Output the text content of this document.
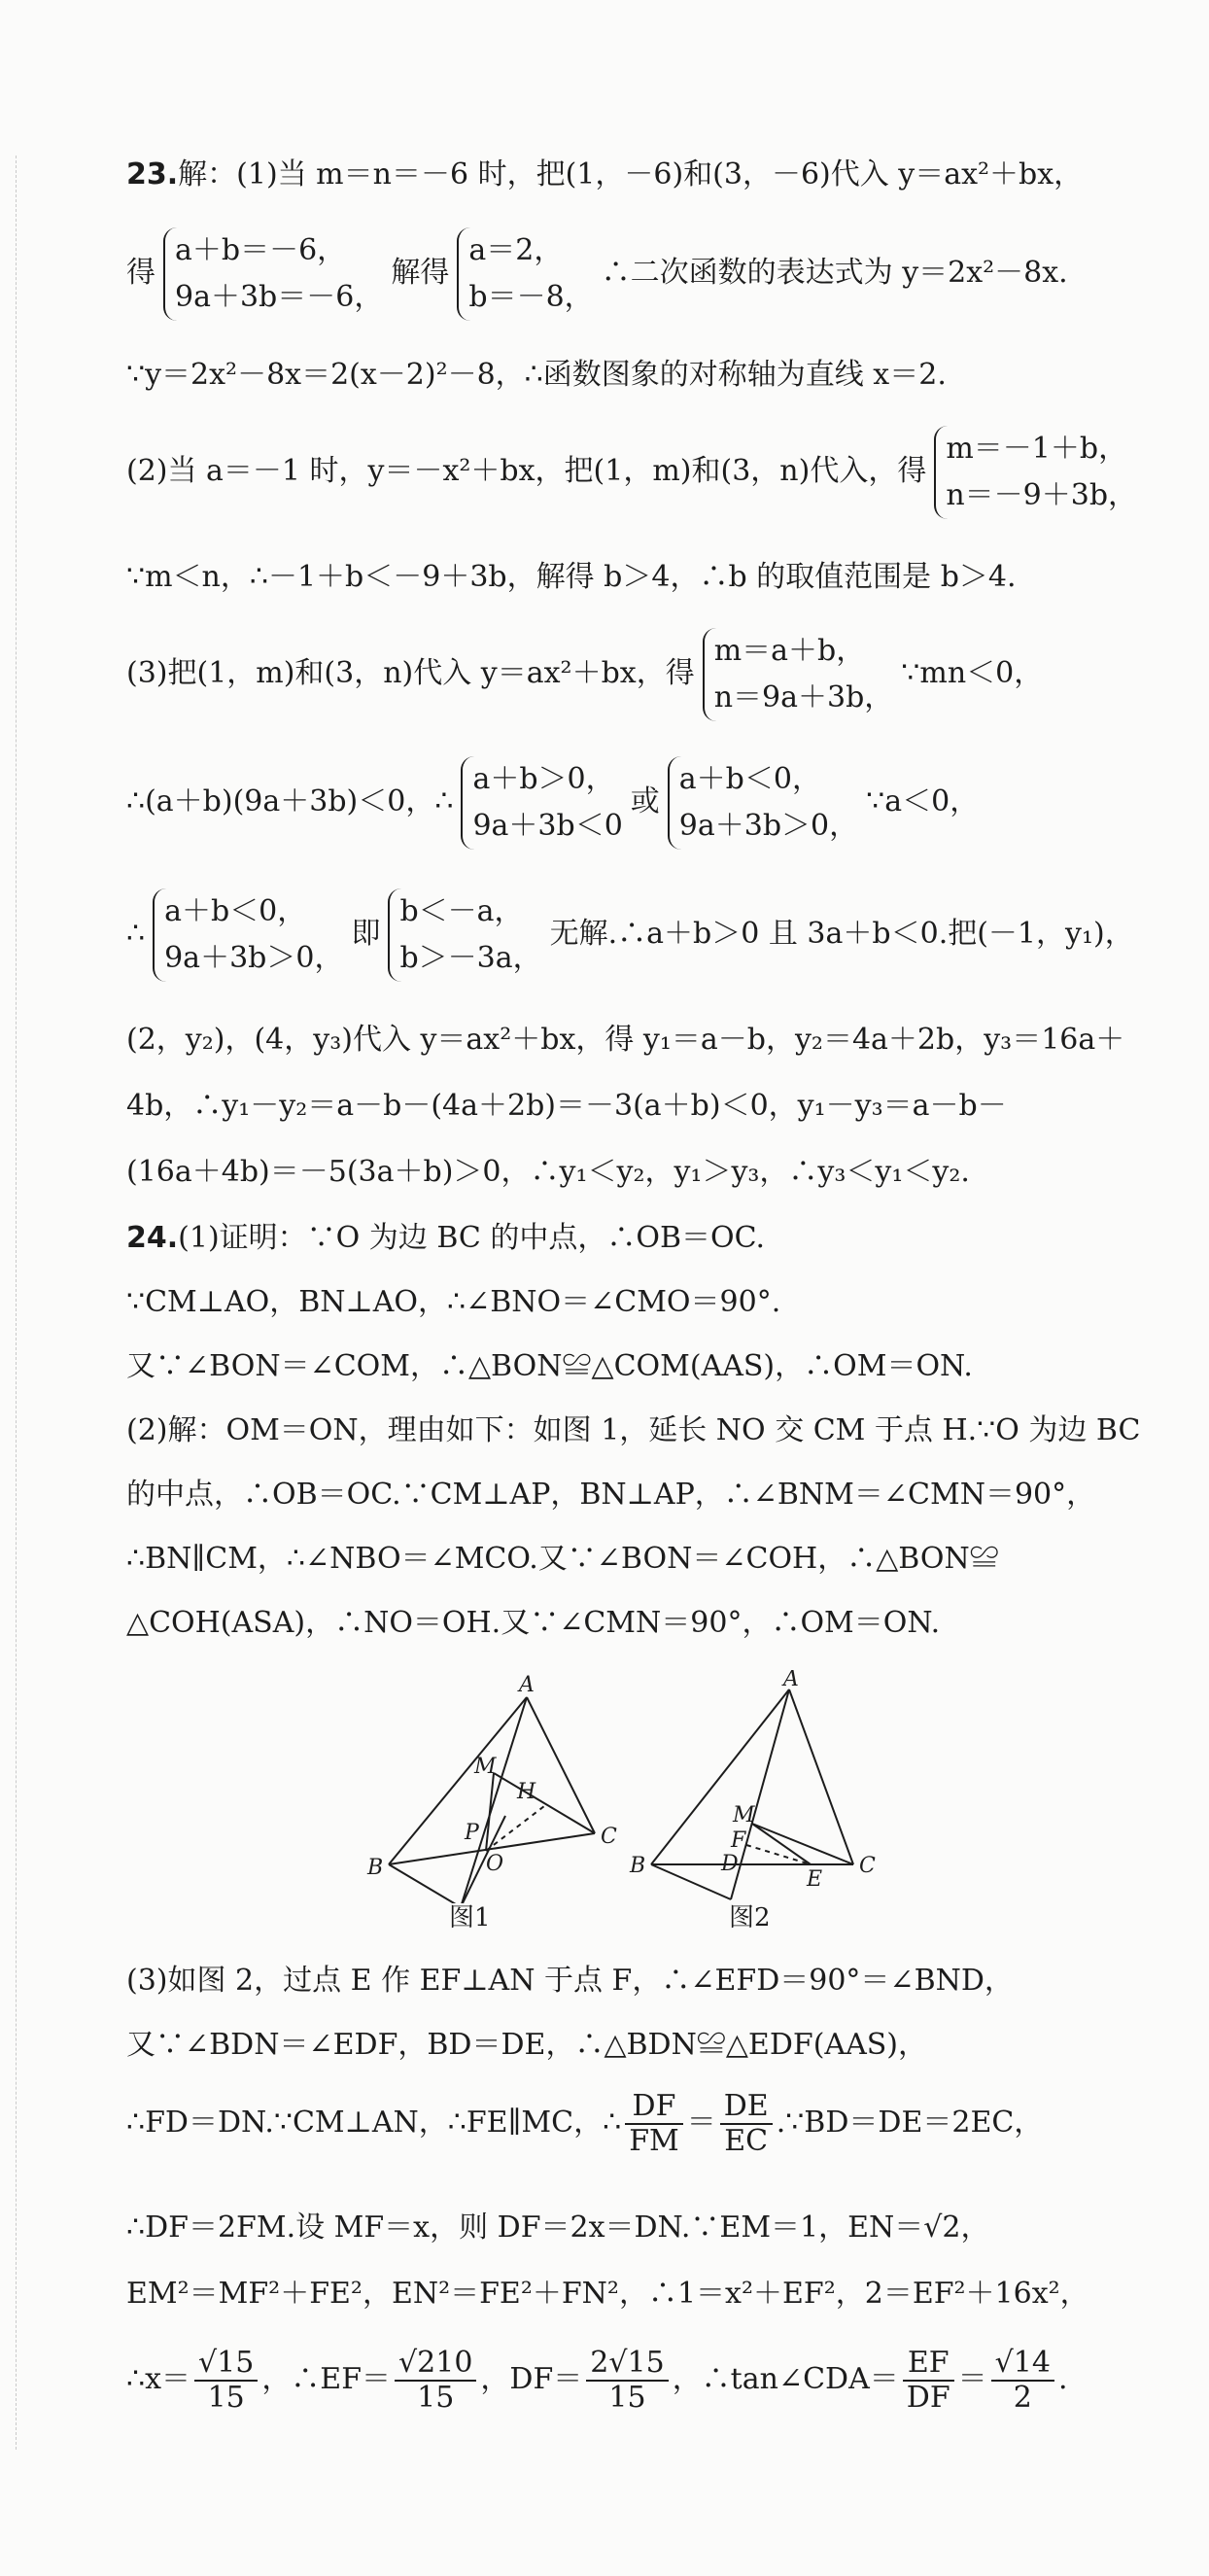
23.解：(1)当 m＝n＝－6 时，把(1，－6)和(3，－6)代入 y＝ax²＋bx，
得
a＋b＝－6，
9a＋3b＝－6，
解得
a＝2，
b＝－8，
∴二次函数的表达式为 y＝2x²－8x.
∵y＝2x²－8x＝2(x－2)²－8，∴函数图象的对称轴为直线 x＝2.
(2)当 a＝－1 时，y＝－x²＋bx，把(1，m)和(3，n)代入，得
m＝－1＋b，
n＝－9＋3b，
∵m＜n，∴－1＋b＜－9＋3b，解得 b＞4，∴b 的取值范围是 b＞4.
(3)把(1，m)和(3，n)代入 y＝ax²＋bx，得
m＝a＋b，
n＝9a＋3b，
∵mn＜0，
∴(a＋b)(9a＋3b)＜0，∴
a＋b＞0，
9a＋3b＜0
或
a＋b＜0，
9a＋3b＞0，
∵a＜0，
∴
a＋b＜0，
9a＋3b＞0，
即
b＜－a，
b＞－3a，
无解.∴a＋b＞0 且 3a＋b＜0.把(－1，y₁)，
(2，y₂)，(4，y₃)代入 y＝ax²＋bx，得 y₁＝a－b，y₂＝4a＋2b，y₃＝16a＋
4b，∴y₁－y₂＝a－b－(4a＋2b)＝－3(a＋b)＜0，y₁－y₃＝a－b－
(16a＋4b)＝－5(3a＋b)＞0，∴y₁＜y₂，y₁＞y₃，∴y₃＜y₁＜y₂.
24.(1)证明：∵O 为边 BC 的中点，∴OB＝OC.
∵CM⊥AO，BN⊥AO，∴∠BNO＝∠CMO＝90°.
又∵∠BON＝∠COM，∴△BON≌△COM(AAS)，∴OM＝ON.
(2)解：OM＝ON，理由如下：如图 1，延长 NO 交 CM 于点 H.∵O 为边 BC
的中点，∴OB＝OC.∵CM⊥AP，BN⊥AP，∴∠BNM＝∠CMN＝90°，
∴BN∥CM，∴∠NBO＝∠MCO.又∵∠BON＝∠COH，∴△BON≌
△COH(ASA)，∴NO＝OH.又∵∠CMN＝90°，∴OM＝ON.
A
B
C
M
H
P
O
A
B	C
M
F
D
E
图1	图2
(3)如图 2，过点 E 作 EF⊥AN 于点 F，∴∠EFD＝90°＝∠BND，
又∵∠BDN＝∠EDF，BD＝DE，∴△BDN≌△EDF(AAS)，
∴FD＝DN.∵CM⊥AN，∴FE∥MC，∴ $\frac{DF}{FM} = \frac{DE}{EC}$ .∵BD＝DE＝2EC，
∴DF＝2FM.设 MF＝x，则 DF＝2x＝DN.∵EM＝1，EN＝√2，
EM²＝MF²＋FE²，EN²＝FE²＋FN²，∴1＝x²＋EF²，2＝EF²＋16x²，
∴x＝ $\frac{√15}{15}$ ，∴EF＝ $\frac{√210}{15}$ ，$DF= \frac{2√15}{15}$ ，∴tan∠CDA＝ $\frac{EF}{DF} = \frac{√14}{2}$ .
